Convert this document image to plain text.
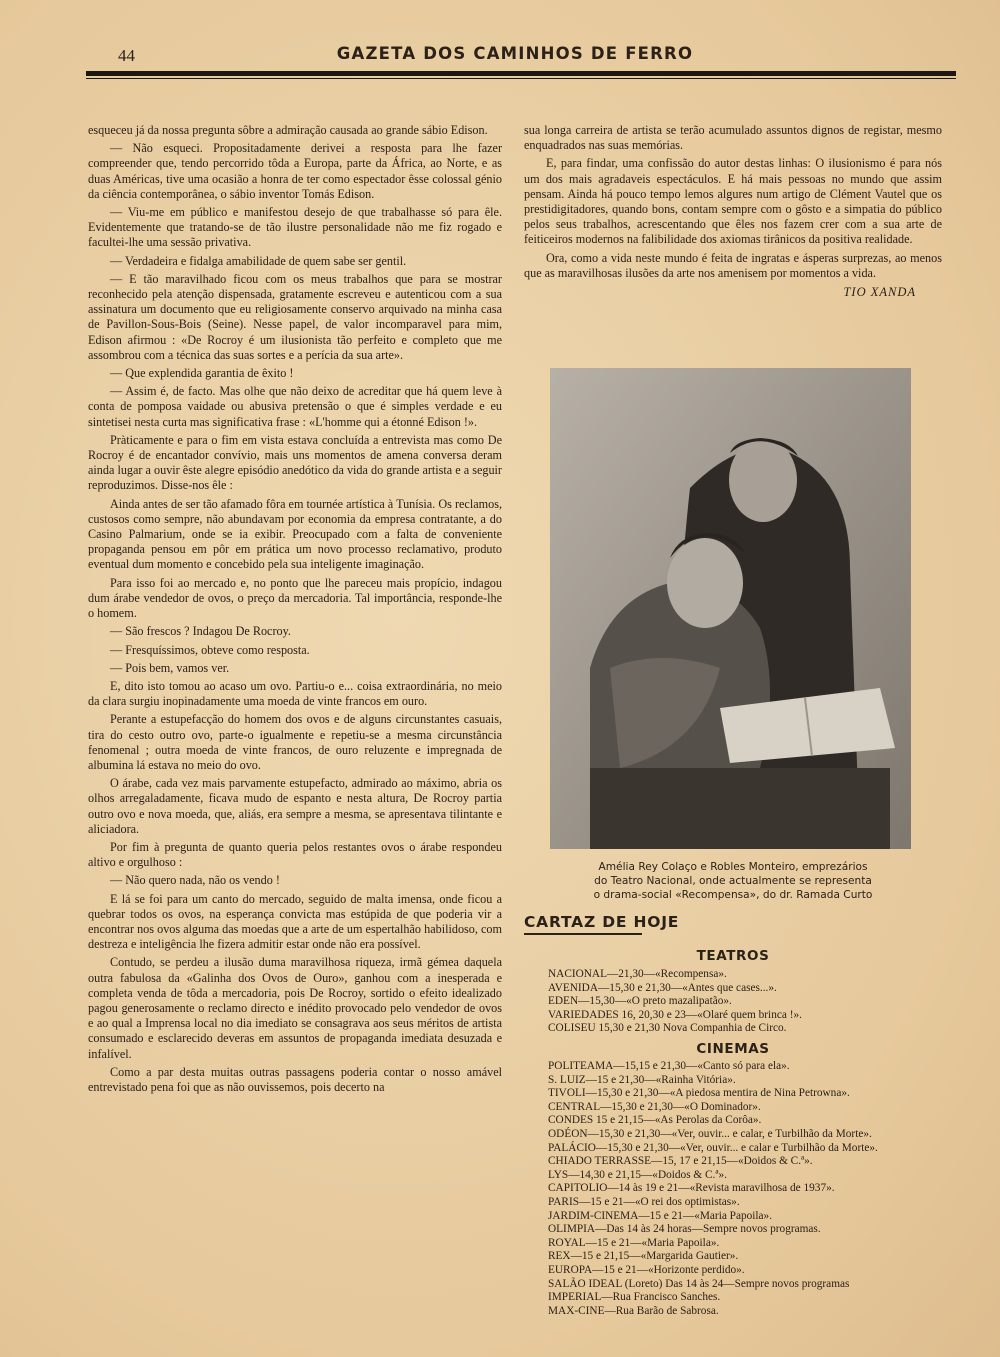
44	GAZETA DOS CAMINHOS DE FERRO

esqueceu já da nossa pregunta sôbre a admiração causada ao grande sábio Edison.

— Não esqueci. Propositadamente derivei a resposta para lhe fazer compreender que, tendo percorrido tôda a Europa, parte da África, ao Norte, e as duas Américas, tive uma ocasião a honra de ter como espectador êsse colossal génio da ciência contemporânea, o sábio inventor Tomás Edison.

— Viu-me em público e manifestou desejo de que trabalhasse só para êle. Evidentemente que tratando-se de tão ilustre personalidade não me fiz rogado e facultei-lhe uma sessão privativa.

— Verdadeira e fidalga amabilidade de quem sabe ser gentil.

— E tão maravilhado ficou com os meus trabalhos que para se mostrar reconhecido pela atenção dispensada, gratamente escreveu e autenticou com a sua assinatura um documento que eu religiosamente conservo arquivado na minha casa de Pavillon-Sous-Bois (Seine). Nesse papel, de valor incomparavel para mim, Edison afirmou : «De Rocroy é um ilusionista tão perfeito e completo que me assombrou com a técnica das suas sortes e a perícia da sua arte».

— Que explendida garantia de êxito !

— Assim é, de facto. Mas olhe que não deixo de acreditar que há quem leve à conta de pomposa vaidade ou abusiva pretensão o que é simples verdade e eu sintetisei nesta curta mas significativa frase : «L'homme qui a étonné Edison !».

Pràticamente e para o fim em vista estava concluída a entrevista mas como De Rocroy é de encantador convívio, mais uns momentos de amena conversa deram ainda lugar a ouvir êste alegre episódio anedótico da vida do grande artista e a seguir reproduzimos. Disse-nos êle :

Ainda antes de ser tão afamado fôra em tournée artística à Tunísia. Os reclamos, custosos como sempre, não abundavam por economia da empresa contratante, a do Casino Palmarium, onde se ia exibir. Preocupado com a falta de conveniente propaganda pensou em pôr em prática um novo processo reclamativo, produto eventual dum momento e concebido pela sua inteligente imaginação.

Para isso foi ao mercado e, no ponto que lhe pareceu mais propício, indagou dum árabe vendedor de ovos, o preço da mercadoria. Tal importância, responde-lhe o homem.

— São frescos ? Indagou De Rocroy.

— Fresquíssimos, obteve como resposta.

— Pois bem, vamos ver.

E, dito isto tomou ao acaso um ovo. Partiu-o e... coisa extraordinária, no meio da clara surgiu inopinadamente uma moeda de vinte francos em ouro.

Perante a estupefacção do homem dos ovos e de alguns circunstantes casuais, tira do cesto outro ovo, parte-o igualmente e repetiu-se a mesma circunstância fenomenal ; outra moeda de vinte francos, de ouro reluzente e impregnada de albumina lá estava no meio do ovo.

O árabe, cada vez mais parvamente estupefacto, admirado ao máximo, abria os olhos arregaladamente, ficava mudo de espanto e nesta altura, De Rocroy partia outro ovo e nova moeda, que, aliás, era sempre a mesma, se apresentava tilintante e aliciadora.

Por fim à pregunta de quanto queria pelos restantes ovos o árabe respondeu altivo e orgulhoso :

— Não quero nada, não os vendo !

E lá se foi para um canto do mercado, seguido de malta imensa, onde ficou a quebrar todos os ovos, na esperança convicta mas estúpida de que poderia vir a encontrar nos ovos alguma das moedas que a arte de um espertalhão habilidoso, com destreza e inteligência lhe fizera admitir estar onde não era possível.

Contudo, se perdeu a ilusão duma maravilhosa riqueza, irmã gémea daquela outra fabulosa da «Galinha dos Ovos de Ouro», ganhou com a inesperada e completa venda de tôda a mercadoria, pois De Rocroy, sortido o efeito idealizado pagou generosamente o reclamo directo e inédito provocado pelo vendedor de ovos e ao qual a Imprensa local no dia imediato se consagrava aos seus méritos de artista consumado e esclarecido deveras em assuntos de propaganda imediata desuzada e infalível.

Como a par desta muitas outras passagens poderia contar o nosso amável entrevistado pena foi que as não ouvissemos, pois decerto na

sua longa carreira de artista se terão acumulado assuntos dignos de registar, mesmo enquadrados nas suas memórias.

E, para findar, uma confissão do autor destas linhas: O ilusionismo é para nós um dos mais agradaveis espectáculos. E há mais pessoas no mundo que assim pensam. Ainda há pouco tempo lemos algures num artigo de Clément Vautel que os prestidigitadores, quando bons, contam sempre com o gôsto e a simpatia do público pelos seus trabalhos, acrescentando que êles nos fazem crer com a sua arte de feiticeiros modernos na falibilidade dos axiomas tirânicos da positiva realidade.

Ora, como a vida neste mundo é feita de ingratas e ásperas surprezas, ao menos que as maravilhosas ilusões da arte nos amenisem por momentos a vida.

TIO XANDA
Amélia Rey Colaço e Robles Monteiro, emprezários
do Teatro Nacional, onde actualmente se representa
o drama-social «Recompensa», do dr. Ramada Curto
CARTAZ DE HOJE
TEATROS
NACIONAL—21,30—«Recompensa».
AVENIDA—15,30 e 21,30—«Antes que cases...».
EDEN—15,30—«O preto mazalipatão».
VARIEDADES 16, 20,30 e 23—«Olaré quem brinca !».
COLISEU 15,30 e 21,30 Nova Companhia de Circo.
CINEMAS
POLITEAMA—15,15 e 21,30—«Canto só para ela».
S. LUIZ—15 e 21,30—«Rainha Vitória».
TIVOLI—15,30 e 21,30—«A piedosa mentira de Nina Petrowna».
CENTRAL—15,30 e 21,30—«O Dominador».
CONDES 15 e 21,15—«As Perolas da Corôa».
ODÉON—15,30 e 21,30—«Ver, ouvir... e calar, e Turbilhão da Morte».
PALÁCIO—15,30 e 21,30—«Ver, ouvir... e calar e Turbilhão da Morte».
CHIADO TERRASSE—15, 17 e 21,15—«Doidos & C.ª».
LYS—14,30 e 21,15—«Doidos & C.ª».
CAPITOLIO—14 às 19 e 21—«Revista maravilhosa de 1937».
PARIS—15 e 21—«O rei dos optimistas».
JARDIM-CINEMA—15 e 21—«Maria Papoila».
OLIMPIA—Das 14 às 24 horas—Sempre novos programas.
ROYAL—15 e 21—«Maria Papoila».
REX—15 e 21,15—«Margarida Gautier».
EUROPA—15 e 21—«Horizonte perdido».
SALÃO IDEAL (Loreto) Das 14 às 24—Sempre novos programas
IMPERIAL—Rua Francisco Sanches.
MAX-CINE—Rua Barão de Sabrosa.
